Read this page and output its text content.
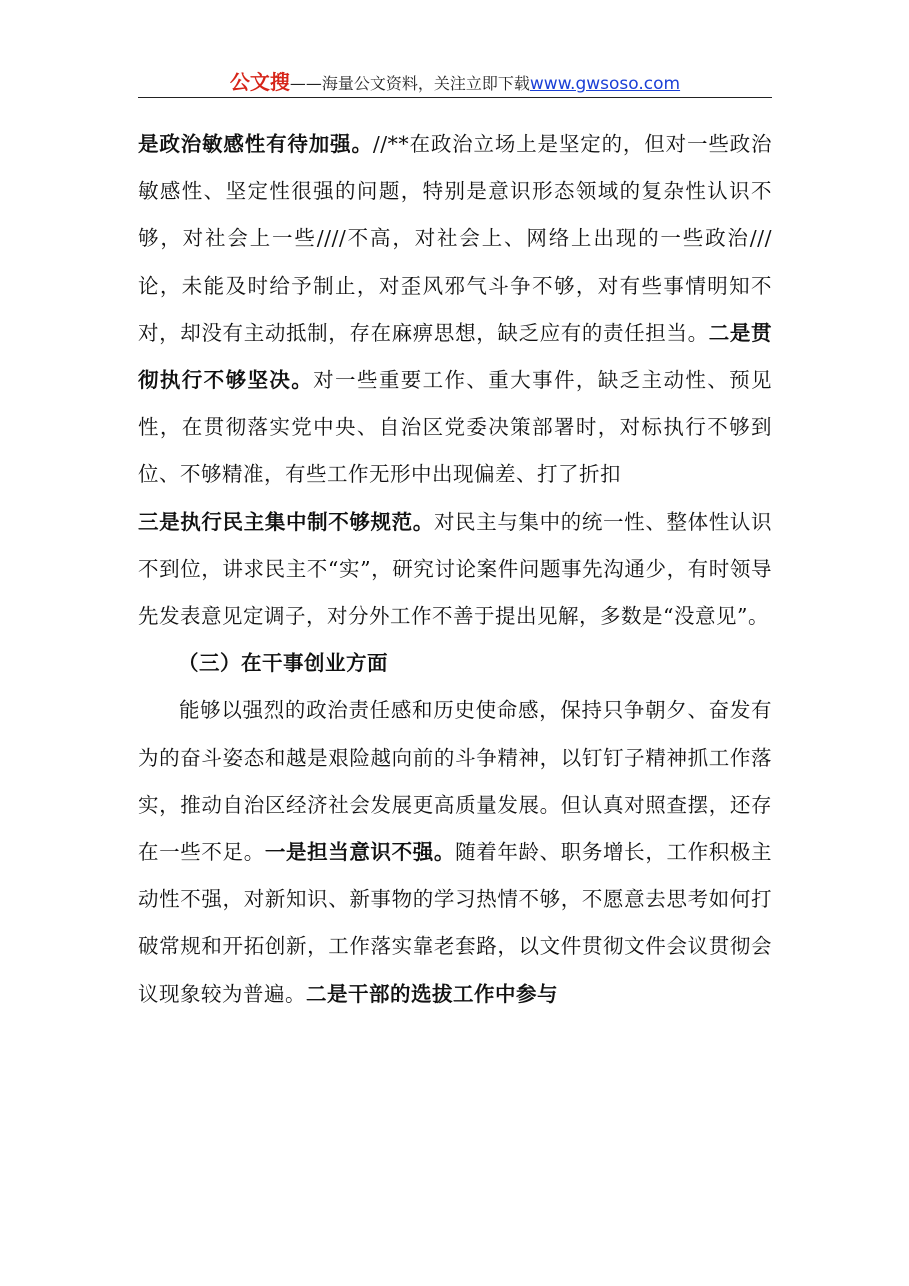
公文搜——海量公文资料，关注立即下载www.gwsoso.com

是政治敏感性有待加强。//**在政治立场上是坚定的，但对一些政治敏感性、坚定性很强的问题，特别是意识形态领域的复杂性认识不够，对社会上一些////不高，对社会上、网络上出现的一些政治///论，未能及时给予制止，对歪风邪气斗争不够，对有些事情明知不对，却没有主动抵制，存在麻痹思想，缺乏应有的责任担当。二是贯彻执行不够坚决。对一些重要工作、重大事件，缺乏主动性、预见性，在贯彻落实党中央、自治区党委决策部署时，对标执行不够到位、不够精准，有些工作无形中出现偏差、打了折扣

三是执行民主集中制不够规范。对民主与集中的统一性、整体性认识不到位，讲求民主不“实”，研究讨论案件问题事先沟通少，有时领导先发表意见定调子，对分外工作不善于提出见解，多数是“没意见”。

（三）在干事创业方面

能够以强烈的政治责任感和历史使命感，保持只争朝夕、奋发有为的奋斗姿态和越是艰险越向前的斗争精神，以钉钉子精神抓工作落实，推动自治区经济社会发展更高质量发展。但认真对照查摆，还存在一些不足。一是担当意识不强。随着年龄、职务增长，工作积极主动性不强，对新知识、新事物的学习热情不够，不愿意去思考如何打破常规和开拓创新，工作落实靠老套路，以文件贯彻文件会议贯彻会议现象较为普遍。二是干部的选拔工作中参与
